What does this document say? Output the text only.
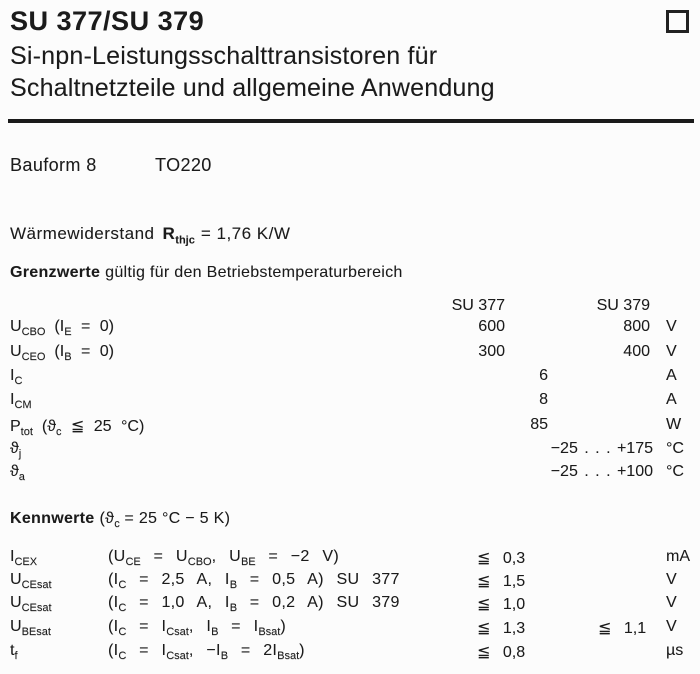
SU 377/SU 379
Si-npn-Leistungsschalttransistoren für
Schaltnetzteile und allgemeine Anwendung
Bauform 8	TO220
Wärmewiderstand $R_{thjc} = 1,76$ K/W
Grenzwerte gültig für den Betriebstemperaturbereich
SU 377	SU 379
$U_{CBO}$ $(I_E = 0)$	600	800 V
$U_{CEO}$ $(I_B = 0)$	300	400 V
$I_C$	6	A
$I_{CM}$	8	A
$P_{tot}$ ($ϑ_c$ ≦ 25 °C)	85	W
$ϑ_j$	−25 . . . +175 °C
$ϑ_a$	−25 . . . +100 °C
Kennwerte ($ϑ_c = 25$ °C − 5 K)
$I_{CEX}$	($U_{CE} = U_{CBO}$, $U_{BE} = -2$ V)	≦ 0,3	mA
$U_{CEsat}$	($I_C = 2,5$ A, $I_B = 0,5$ A) SU 377	≦ 1,5	V
$U_{CEsat}$	($I_C = 1,0$ A, $I_B = 0,2$ A) SU 379	≦ 1,0	V
$U_{BEsat}$	($I_C = I_{Csat}$, $I_B = I_{Bsat}$)	≦ 1,3	≦ 1,1 V
$t_f$	($I_C = I_{Csat}$, $-I_B = 2I_{Bsat}$)	≦ 0,8	µs
